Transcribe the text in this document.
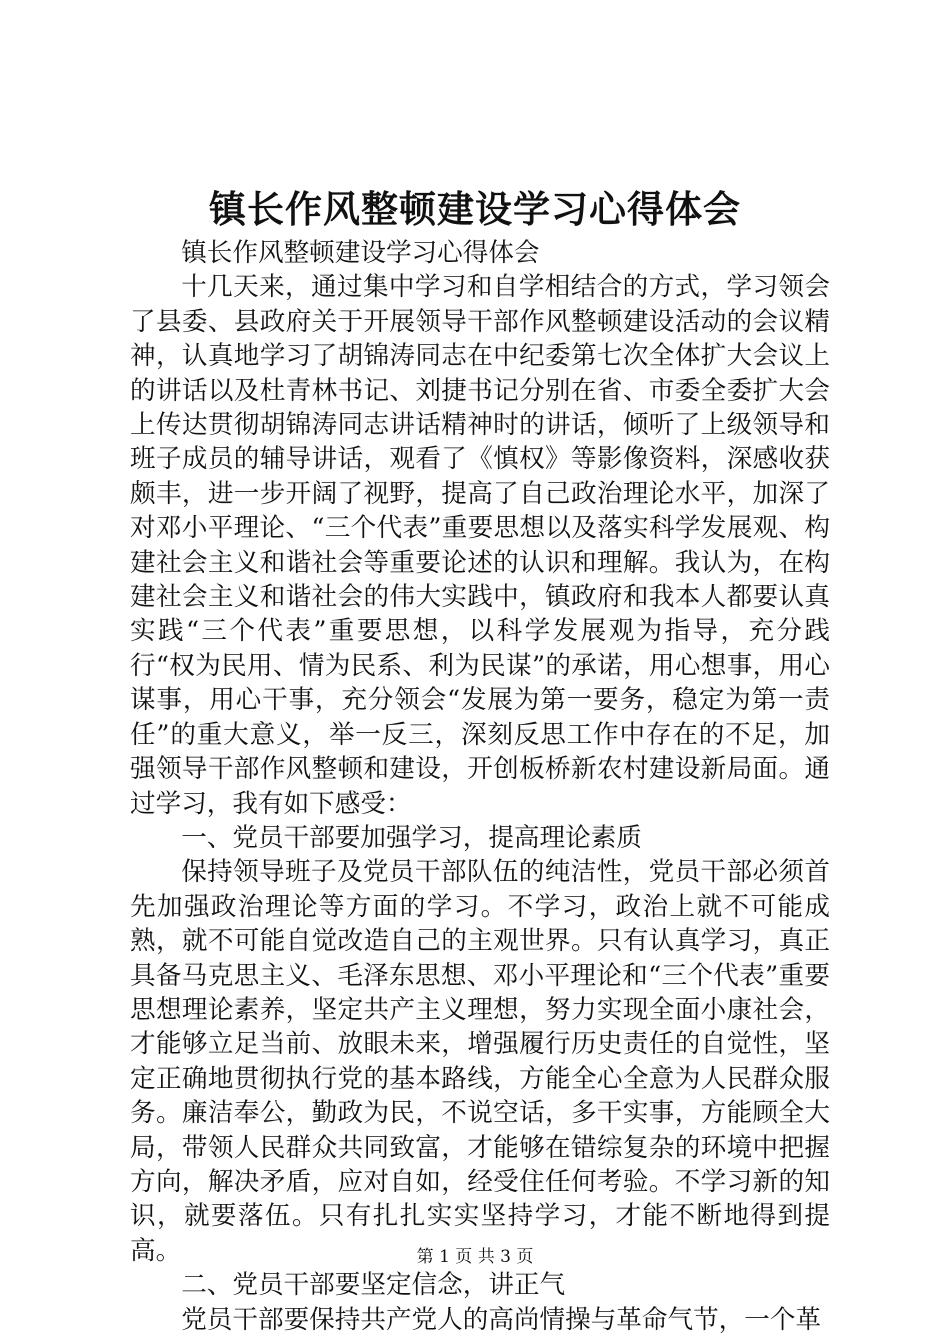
镇长作风整顿建设学习心得体会

镇长作风整顿建设学习心得体会

十几天来，通过集中学习和自学相结合的方式，学习领会了县委、县政府关于开展领导干部作风整顿建设活动的会议精神，认真地学习了胡锦涛同志在中纪委第七次全体扩大会议上的讲话以及杜青林书记、刘捷书记分别在省、市委全委扩大会上传达贯彻胡锦涛同志讲话精神时的讲话，倾听了上级领导和班子成员的辅导讲话，观看了《慎权》等影像资料，深感收获颇丰，进一步开阔了视野，提高了自己政治理论水平，加深了对邓小平理论、“三个代表”重要思想以及落实科学发展观、构建社会主义和谐社会等重要论述的认识和理解。我认为，在构建社会主义和谐社会的伟大实践中，镇政府和我本人都要认真实践“三个代表”重要思想，以科学发展观为指导，充分践行“权为民用、情为民系、利为民谋”的承诺，用心想事，用心谋事，用心干事，充分领会“发展为第一要务，稳定为第一责任”的重大意义，举一反三，深刻反思工作中存在的不足，加强领导干部作风整顿和建设，开创板桥新农村建设新局面。通过学习，我有如下感受：

一、党员干部要加强学习，提高理论素质

保持领导班子及党员干部队伍的纯洁性，党员干部必须首先加强政治理论等方面的学习。不学习，政治上就不可能成熟，就不可能自觉改造自己的主观世界。只有认真学习，真正具备马克思主义、毛泽东思想、邓小平理论和“三个代表”重要思想理论素养，坚定共产主义理想，努力实现全面小康社会，才能够立足当前、放眼未来，增强履行历史责任的自觉性，坚定正确地贯彻执行党的基本路线，方能全心全意为人民群众服务。廉洁奉公，勤政为民，不说空话，多干实事，方能顾全大局，带领人民群众共同致富，才能够在错综复杂的环境中把握方向，解决矛盾，应对自如，经受住任何考验。不学习新的知识，就要落伍。只有扎扎实实坚持学习，才能不断地得到提高。

二、党员干部要坚定信念，讲正气

党员干部要保持共产党人的高尚情操与革命气节，一个革

第 1 页 共 3 页
